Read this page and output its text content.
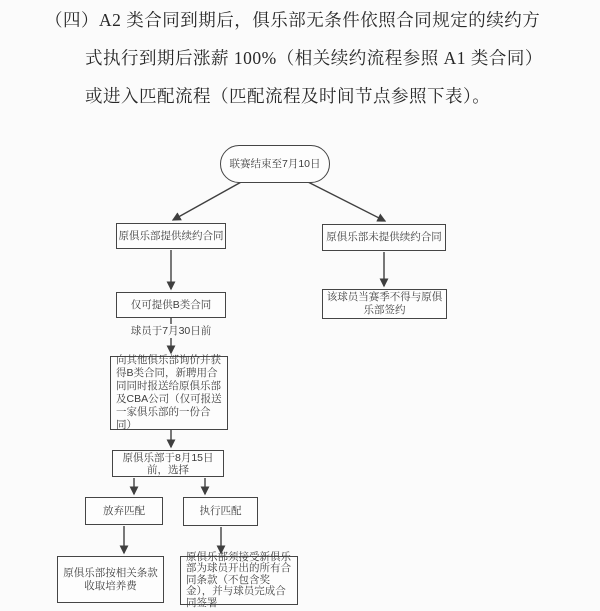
（四）A2 类合同到期后，俱乐部无条件依照合同规定的续约方
式执行到期后涨薪 100%（相关续约流程参照 A1 类合同）
或进入匹配流程（匹配流程及时间节点参照下表）。
联赛结束至7月10日
原俱乐部提供续约合同	原俱乐部未提供续约合同
仅可提供B类合同
该球员当赛季不得与原俱乐部签约
球员于7月30日前
向其他俱乐部询价并获得B类合同，新聘用合同同时报送给原俱乐部及CBA公司（仅可报送一家俱乐部的一份合同）
原俱乐部于8月15日前，选择
放弃匹配	执行匹配
原俱乐部按相关条款收取培养费
原俱乐部须接受新俱乐部为球员开出的所有合同条款（不包含奖金），并与球员完成合同签署
